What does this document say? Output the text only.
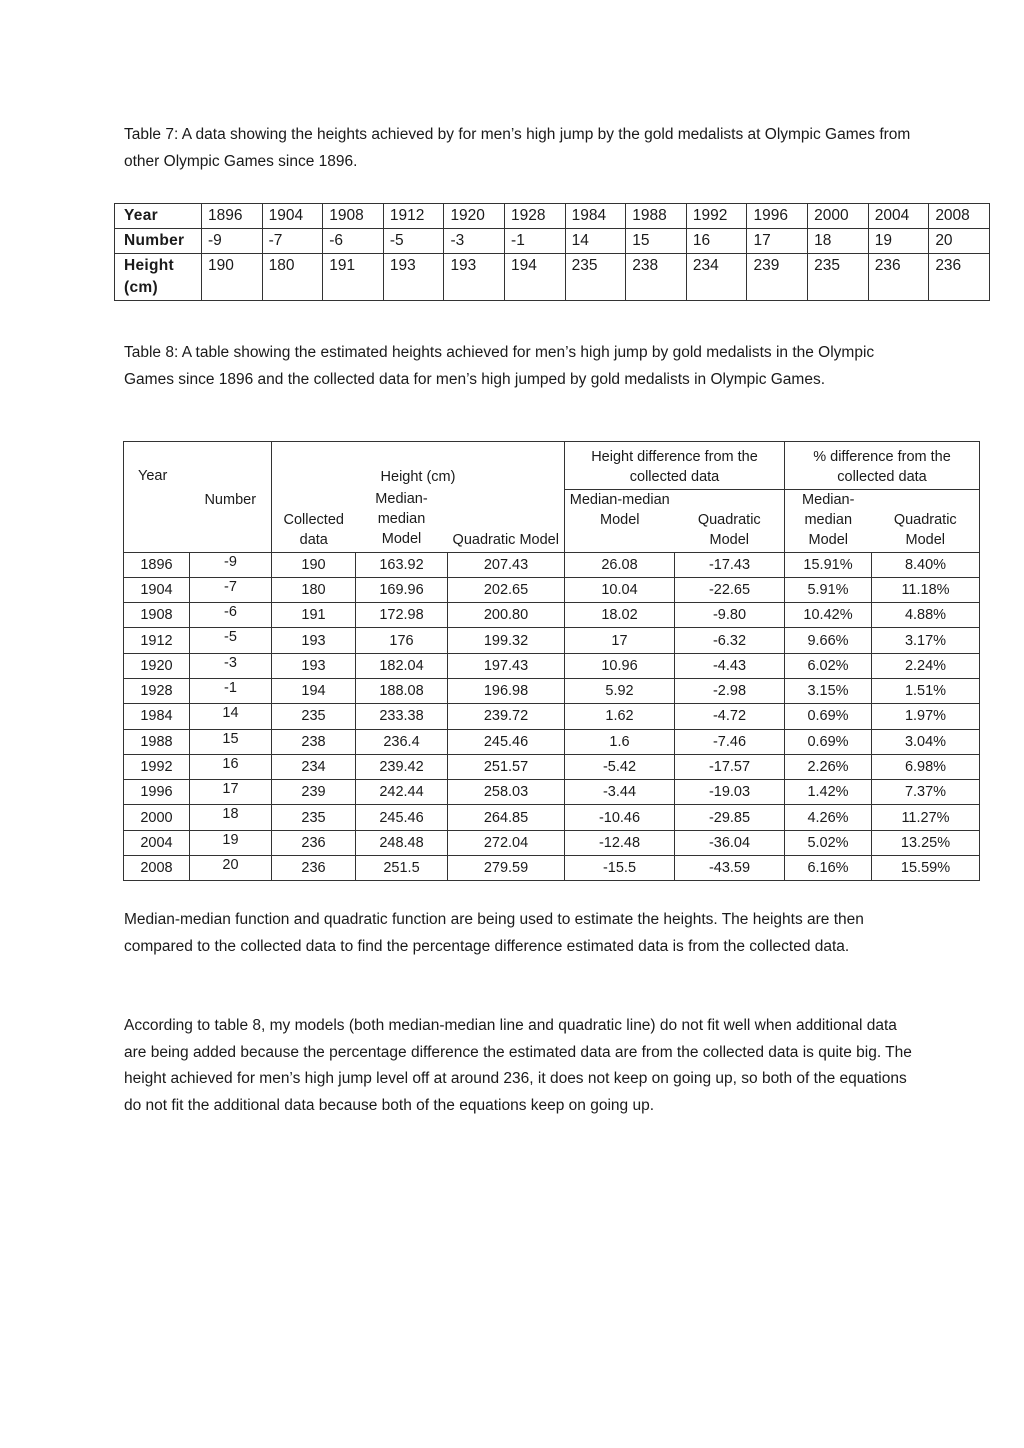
Table 7: A data showing the heights achieved by for men’s high jump by the gold medalists at Olympic Games from other Olympic Games since 1896.

Year	1896	1904	1908	1912	1920	1928	1984	1988	1992	1996	2000	2004	2008
Number	-9	-7	-6	-5	-3	-1	14	15	16	17	18	19	20
Height (cm)	190	180	191	193	193	194	235	238	234	239	235	236	236

Table 8: A table showing the estimated heights achieved for men’s high jump by gold medalists in the Olympic Games since 1896 and the collected data for men’s high jumped by gold medalists in Olympic Games.

Year	Number	Height (cm)			Height difference from the collected data		% difference from the collected data	
		Collected data	Median-median Model	Quadratic Model	Median-median Model	Quadratic Model	Median-median Model	Quadratic Model
1896	-9	190	163.92	207.43	26.08	-17.43	15.91%	8.40%
1904	-7	180	169.96	202.65	10.04	-22.65	5.91%	11.18%
1908	-6	191	172.98	200.80	18.02	-9.80	10.42%	4.88%
1912	-5	193	176	199.32	17	-6.32	9.66%	3.17%
1920	-3	193	182.04	197.43	10.96	-4.43	6.02%	2.24%
1928	-1	194	188.08	196.98	5.92	-2.98	3.15%	1.51%
1984	14	235	233.38	239.72	1.62	-4.72	0.69%	1.97%
1988	15	238	236.4	245.46	1.6	-7.46	0.69%	3.04%
1992	16	234	239.42	251.57	-5.42	-17.57	2.26%	6.98%
1996	17	239	242.44	258.03	-3.44	-19.03	1.42%	7.37%
2000	18	235	245.46	264.85	-10.46	-29.85	4.26%	11.27%
2004	19	236	248.48	272.04	-12.48	-36.04	5.02%	13.25%
2008	20	236	251.5	279.59	-15.5	-43.59	6.16%	15.59%

Median-median function and quadratic function are being used to estimate the heights. The heights are then compared to the collected data to find the percentage difference estimated data is from the collected data.

According to table 8, my models (both median-median line and quadratic line) do not fit well when additional data are being added because the percentage difference the estimated data are from the collected data is quite big. The height achieved for men’s high jump level off at around 236, it does not keep on going up, so both of the equations do not fit the additional data because both of the equations keep on going up.
